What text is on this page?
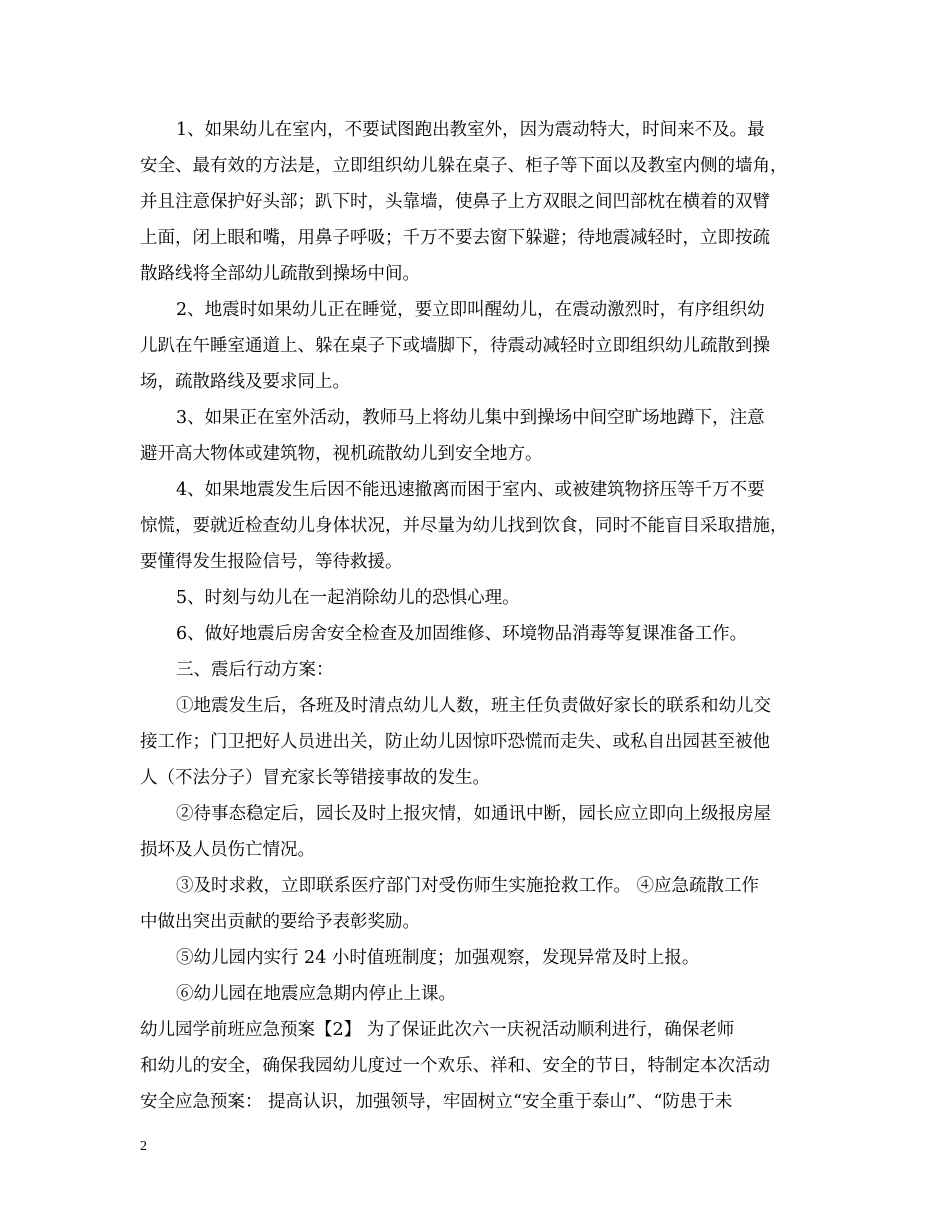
1、如果幼儿在室内，不要试图跑出教室外，因为震动特大，时间来不及。最
安全、最有效的方法是，立即组织幼儿躲在桌子、柜子等下面以及教室内侧的墙角，
并且注意保护好头部；趴下时，头靠墙，使鼻子上方双眼之间凹部枕在横着的双臂
上面，闭上眼和嘴，用鼻子呼吸；千万不要去窗下躲避；待地震减轻时，立即按疏
散路线将全部幼儿疏散到操场中间。
2、地震时如果幼儿正在睡觉，要立即叫醒幼儿，在震动激烈时，有序组织幼
儿趴在午睡室通道上、躲在桌子下或墙脚下，待震动减轻时立即组织幼儿疏散到操
场，疏散路线及要求同上。
3、如果正在室外活动，教师马上将幼儿集中到操场中间空旷场地蹲下，注意
避开高大物体或建筑物，视机疏散幼儿到安全地方。
4、如果地震发生后因不能迅速撤离而困于室内、或被建筑物挤压等千万不要
惊慌，要就近检查幼儿身体状况，并尽量为幼儿找到饮食，同时不能盲目采取措施，
要懂得发生报险信号，等待救援。
5、时刻与幼儿在一起消除幼儿的恐惧心理。
6、做好地震后房舍安全检查及加固维修、环境物品消毒等复课准备工作。
三、震后行动方案：
①地震发生后，各班及时清点幼儿人数，班主任负责做好家长的联系和幼儿交
接工作；门卫把好人员进出关，防止幼儿因惊吓恐慌而走失、或私自出园甚至被他
人（不法分子）冒充家长等错接事故的发生。
②待事态稳定后，园长及时上报灾情，如通讯中断，园长应立即向上级报房屋
损坏及人员伤亡情况。
③及时求救，立即联系医疗部门对受伤师生实施抢救工作。 ④应急疏散工作
中做出突出贡献的要给予表彰奖励。
⑤幼儿园内实行 24 小时值班制度；加强观察，发现异常及时上报。
⑥幼儿园在地震应急期内停止上课。
幼儿园学前班应急预案【2】 为了保证此次六一庆祝活动顺利进行，确保老师
和幼儿的安全，确保我园幼儿度过一个欢乐、祥和、安全的节日，特制定本次活动
安全应急预案： 提高认识，加强领导，牢固树立“安全重于泰山”、“防患于未
2
